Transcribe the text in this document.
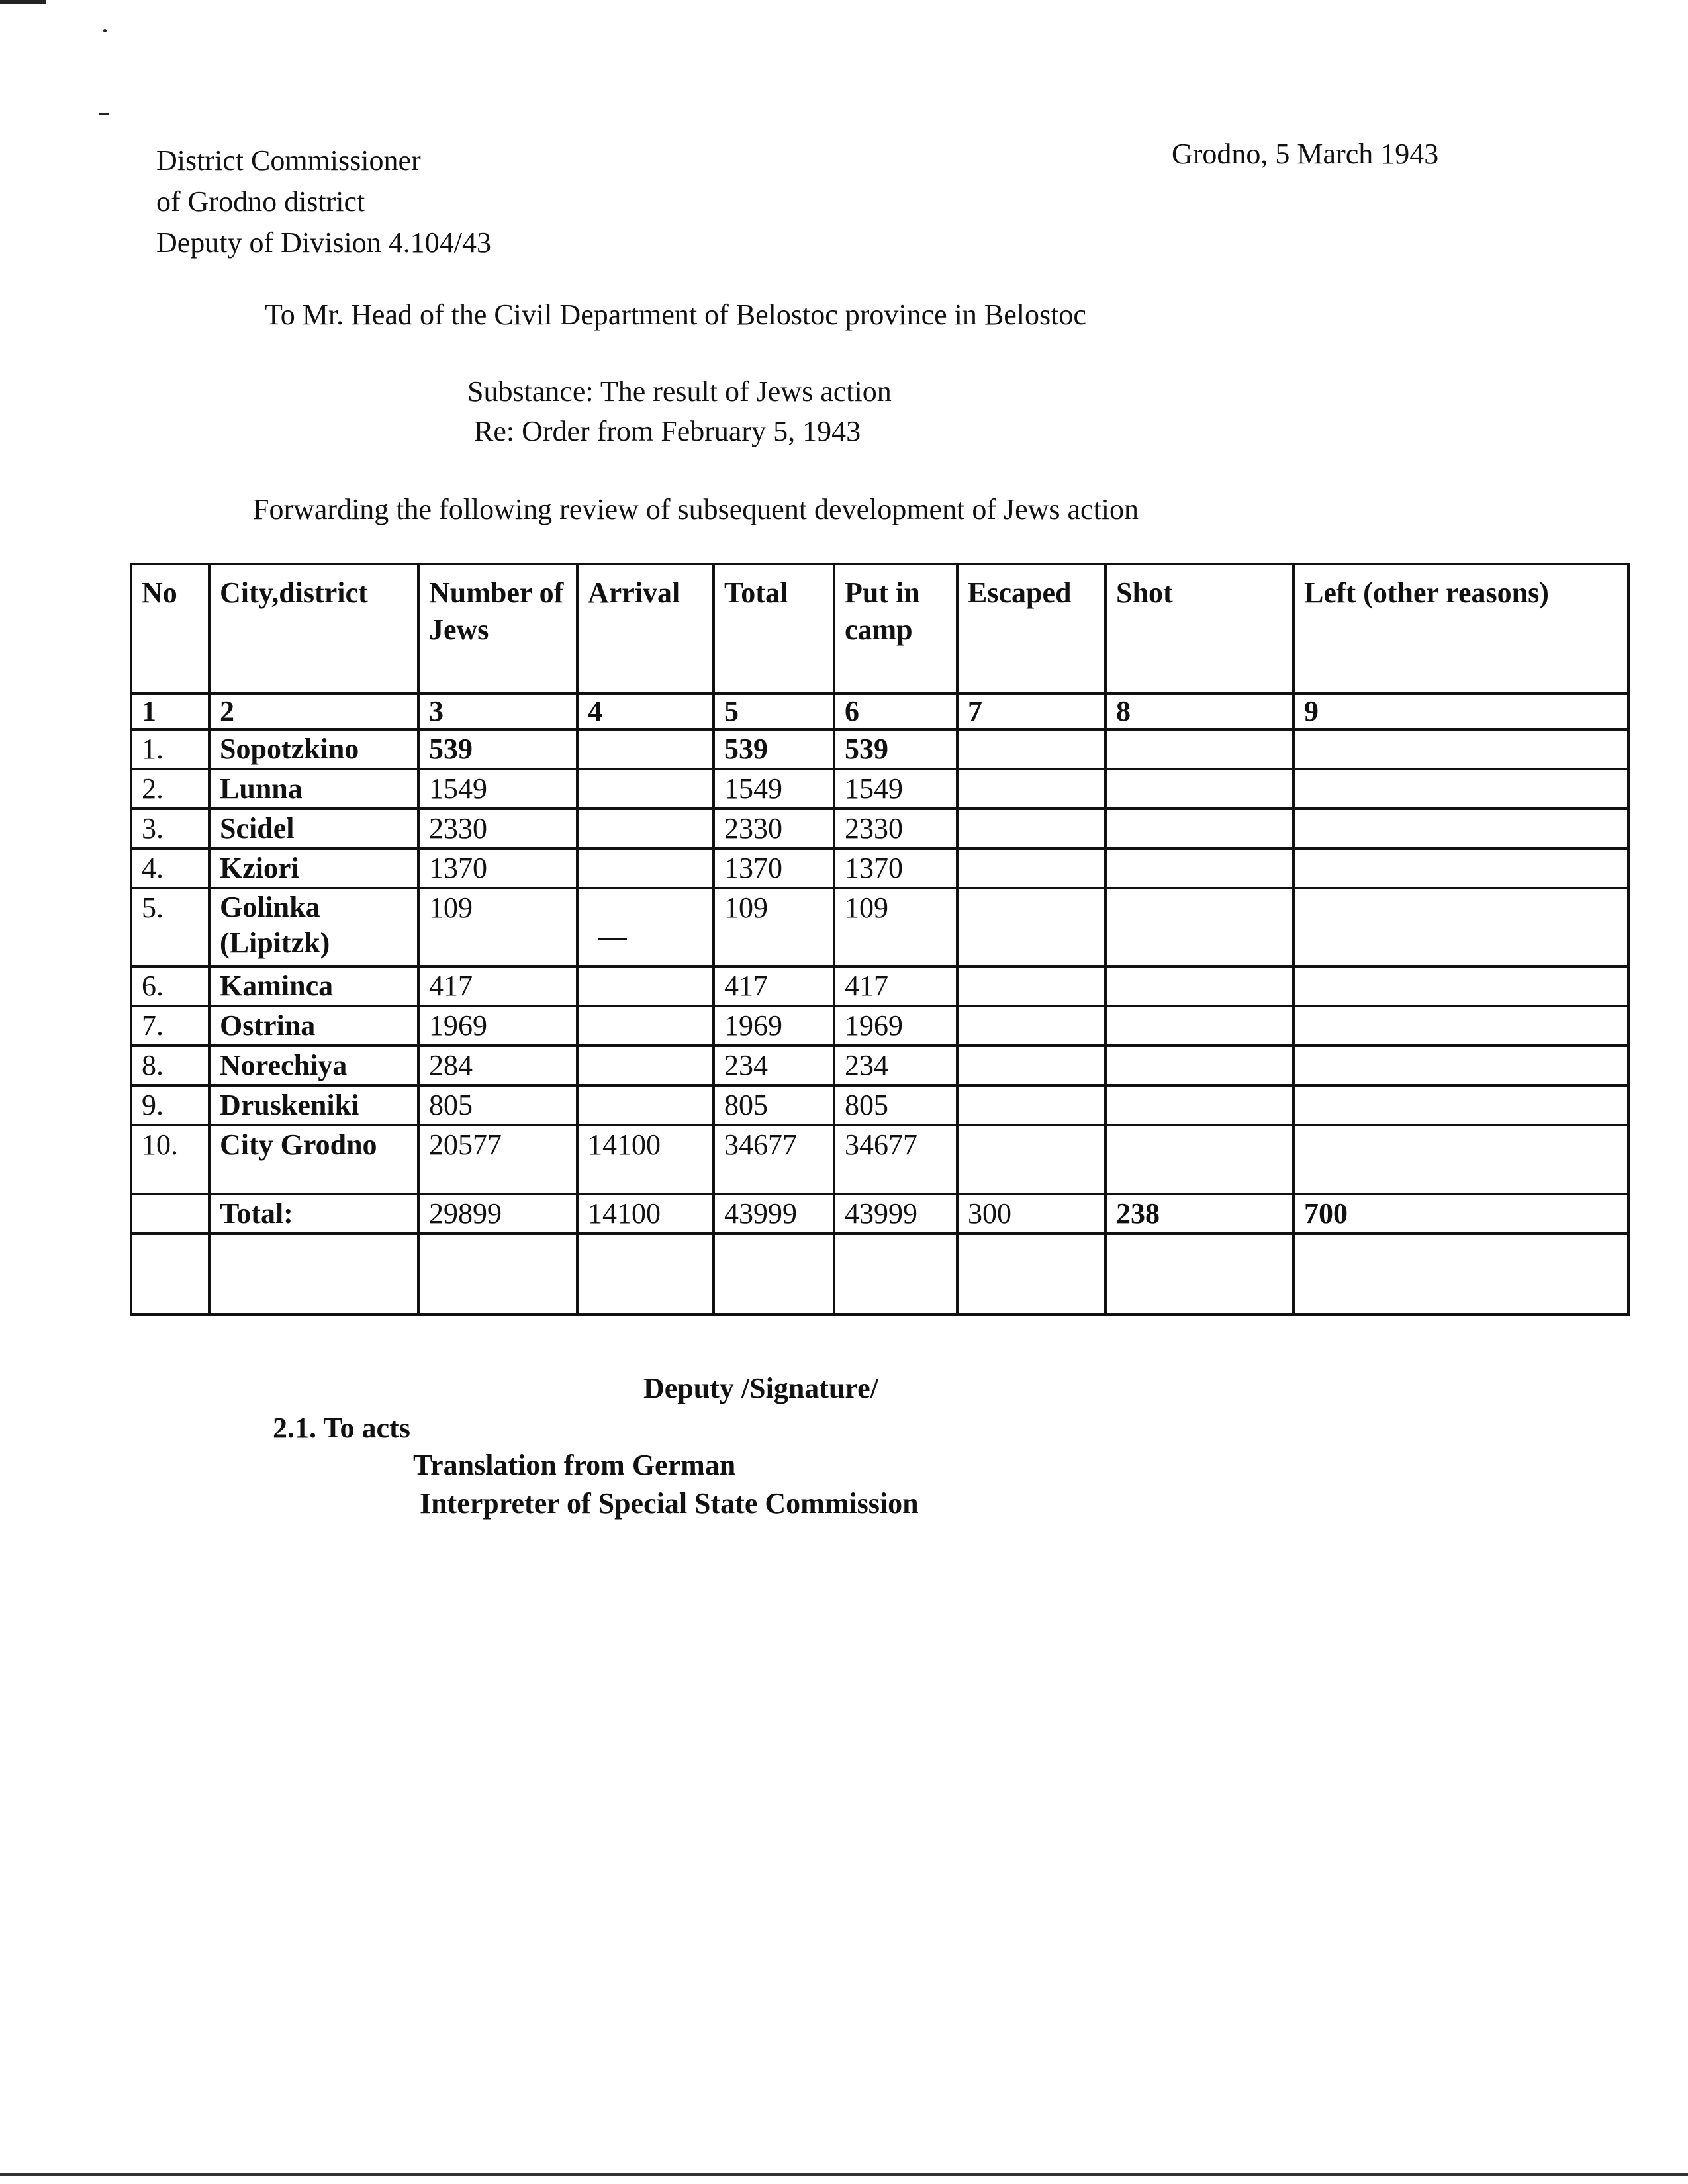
District Commissioner
of Grodno district
Deputy of Division 4.104/43
Grodno, 5 March 1943
To Mr. Head of the Civil Department of Belostoc province in Belostoc
Substance: The result of Jews action
Re: Order from February 5, 1943
Forwarding the following review of subsequent development of Jews action
No	City,district	Number of Jews	Arrival	Total	Put in camp	Escaped	Shot	Left (other reasons)
1	2	3	4	5	6	7	8	9
1.	Sopotzkino	539		539	539			
2.	Lunna	1549		1549	1549			
3.	Scidel	2330		2330	2330			
4.	Kziori	1370		1370	1370			
5.	Golinka (Lipitzk)	109		109	109			
6.	Kaminca	417		417	417			
7.	Ostrina	1969		1969	1969			
8.	Norechiya	284		234	234			
9.	Druskeniki	805		805	805			
10.	City Grodno	20577	14100	34677	34677			
	Total:	29899	14100	43999	43999	300	238	700

Deputy /Signature/
2.1. To acts
Translation from German
Interpreter of Special State Commission
